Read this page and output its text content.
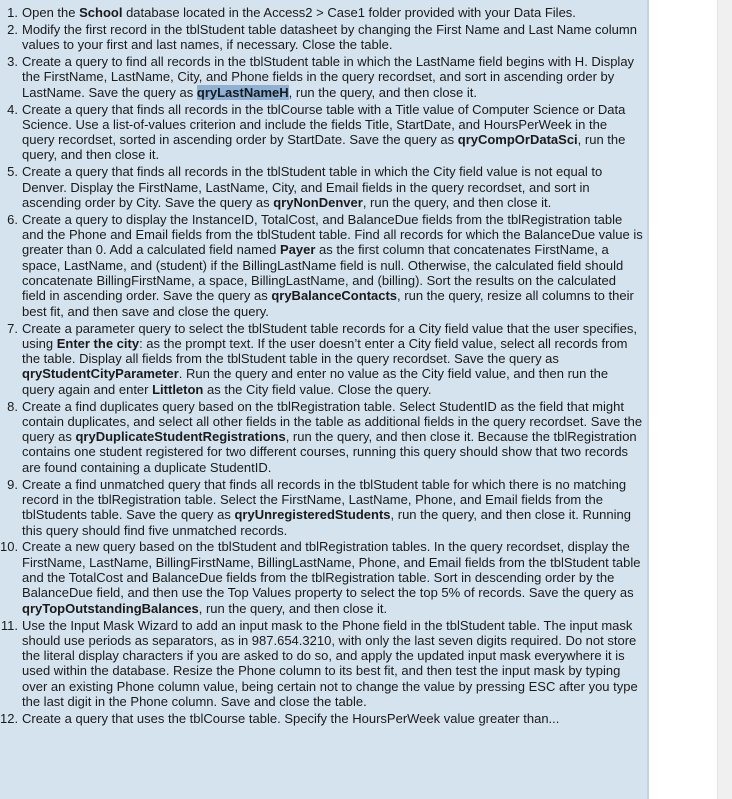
1. Open the School database located in the Access2 > Case1 folder provided with your Data Files.
2. Modify the first record in the tblStudent table datasheet by changing the First Name and Last Name column values to your first and last names, if necessary. Close the table.
3. Create a query to find all records in the tblStudent table in which the LastName field begins with H. Display the FirstName, LastName, City, and Phone fields in the query recordset, and sort in ascending order by LastName. Save the query as qryLastNameH, run the query, and then close it.
4. Create a query that finds all records in the tblCourse table with a Title value of Computer Science or Data Science. Use a list-of-values criterion and include the fields Title, StartDate, and HoursPerWeek in the query recordset, sorted in ascending order by StartDate. Save the query as qryCompOrDataSci, run the query, and then close it.
5. Create a query that finds all records in the tblStudent table in which the City field value is not equal to Denver. Display the FirstName, LastName, City, and Email fields in the query recordset, and sort in ascending order by City. Save the query as qryNonDenver, run the query, and then close it.
6. Create a query to display the InstanceID, TotalCost, and BalanceDue fields from the tblRegistration table and the Phone and Email fields from the tblStudent table. Find all records for which the BalanceDue value is greater than 0. Add a calculated field named Payer as the first column that concatenates FirstName, a space, LastName, and (student) if the BillingLastName field is null. Otherwise, the calculated field should concatenate BillingFirstName, a space, BillingLastName, and (billing). Sort the results on the calculated field in ascending order. Save the query as qryBalanceContacts, run the query, resize all columns to their best fit, and then save and close the query.
7. Create a parameter query to select the tblStudent table records for a City field value that the user specifies, using Enter the city: as the prompt text. If the user doesn’t enter a City field value, select all records from the table. Display all fields from the tblStudent table in the query recordset. Save the query as qryStudentCityParameter. Run the query and enter no value as the City field value, and then run the query again and enter Littleton as the City field value. Close the query.
8. Create a find duplicates query based on the tblRegistration table. Select StudentID as the field that might contain duplicates, and select all other fields in the table as additional fields in the query recordset. Save the query as qryDuplicateStudentRegistrations, run the query, and then close it. Because the tblRegistration contains one student registered for two different courses, running this query should show that two records are found containing a duplicate StudentID.
9. Create a find unmatched query that finds all records in the tblStudent table for which there is no matching record in the tblRegistration table. Select the FirstName, LastName, Phone, and Email fields from the tblStudents table. Save the query as qryUnregisteredStudents, run the query, and then close it. Running this query should find five unmatched records.
10. Create a new query based on the tblStudent and tblRegistration tables. In the query recordset, display the FirstName, LastName, BillingFirstName, BillingLastName, Phone, and Email fields from the tblStudent table and the TotalCost and BalanceDue fields from the tblRegistration table. Sort in descending order by the BalanceDue field, and then use the Top Values property to select the top 5% of records. Save the query as qryTopOutstandingBalances, run the query, and then close it.
11. Use the Input Mask Wizard to add an input mask to the Phone field in the tblStudent table. The input mask should use periods as separators, as in 987.654.3210, with only the last seven digits required. Do not store the literal display characters if you are asked to do so, and apply the updated input mask everywhere it is used within the database. Resize the Phone column to its best fit, and then test the input mask by typing over an existing Phone column value, being certain not to change the value by pressing ESC after you type the last digit in the Phone column. Save and close the table.
12. Create a query that uses the tblCourse table. Specify the HoursPerWeek value greater than...
